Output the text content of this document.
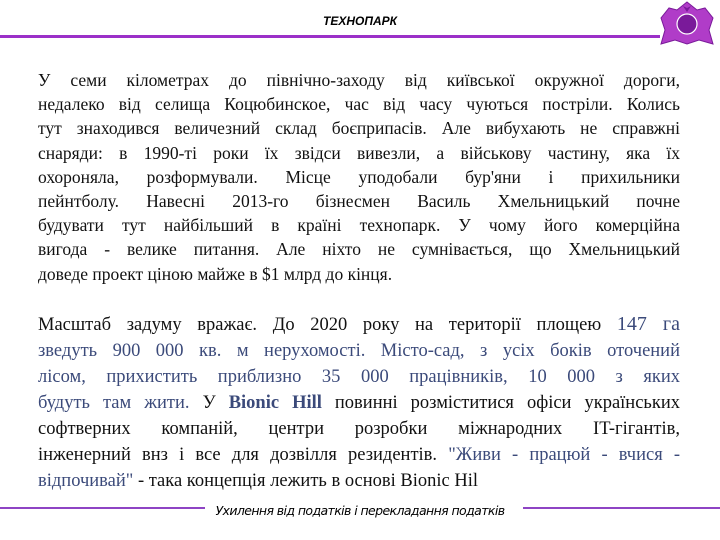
ТЕХНОПАРК
У семи кілометрах до північно-заходу від київської окружної дороги,
недалеко від селища Коцюбинское, час від часу чуються постріли. Колись
тут знаходився величезний склад боєприпасів. Але вибухають не справжні
снаряди: в 1990-ті роки їх звідси вивезли, а військову частину, яка їх
охороняла, розформували. Місце уподобали бур'яни і прихильники
пейнтболу. Навесні 2013-го бізнесмен Василь Хмельницький почне
будувати тут найбільший в країні технопарк. У чому його комерційна
вигода - велике питання. Але ніхто не сумнівається, що Хмельницький
доведе проект ціною майже в $1 млрд до кінця.
Масштаб задуму вражає. До 2020 року на території площею 147 га
зведуть 900 000 кв. м нерухомості. Місто-сад, з усіх боків оточений
лісом, прихистить приблизно 35 000 працівників, 10 000 з яких
будуть там жити. У Bionic Hill повинні розміститися офіси українських
софтверних компаній, центри розробки міжнародних IT-гігантів,
інженерний внз і все для дозвілля резидентів. "Живи - працюй - вчися -
відпочивай" - така концепція лежить в основі Bionic Hil
Ухилення від податків і перекладання податків
